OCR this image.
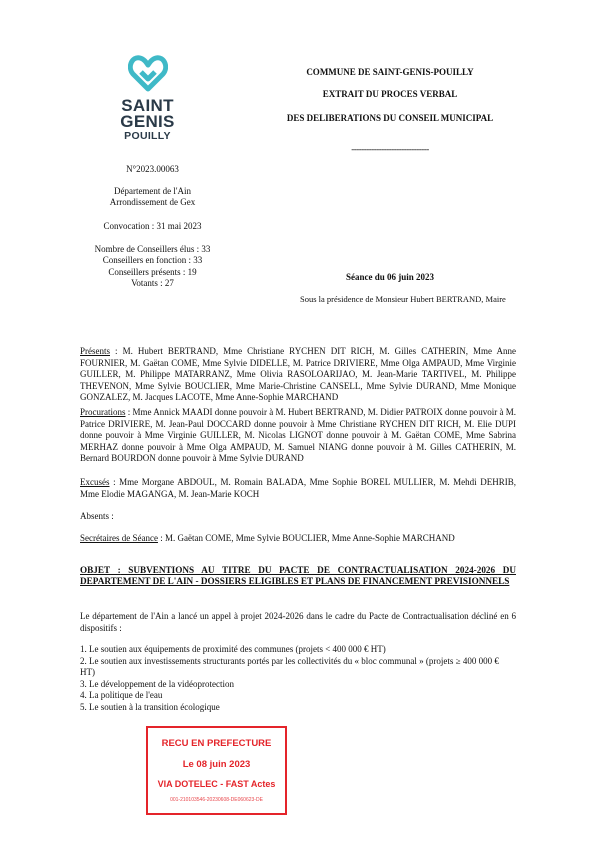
SAINT
GENIS
POUILLY
COMMUNE DE SAINT-GENIS-POUILLY
EXTRAIT DU PROCES VERBAL
DES DELIBERATIONS DU CONSEIL MUNICIPAL
-------------------------------
N°2023.00063
Département de l'Ain
Arrondissement de Gex
Convocation : 31 mai 2023
Nombre de Conseillers élus : 33
Conseillers en fonction : 33
Conseillers présents : 19
Votants : 27
Séance du 06 juin 2023
Sous la présidence de Monsieur Hubert BERTRAND, Maire
Présents : M. Hubert BERTRAND, Mme Christiane RYCHEN DIT RICH, M. Gilles CATHERIN, Mme Anne FOURNIER, M. Gaëtan COME, Mme Sylvie DIDELLE, M. Patrice DRIVIERE, Mme Olga AMPAUD, Mme Virginie GUILLER, M. Philippe MATARRANZ, Mme Olivia RASOLOARIJAO, M. Jean-Marie TARTIVEL, M. Philippe THEVENON, Mme Sylvie BOUCLIER, Mme Marie-Christine CANSELL, Mme Sylvie DURAND, Mme Monique GONZALEZ, M. Jacques LACOTE, Mme Anne-Sophie MARCHAND
Procurations : Mme Annick MAADI donne pouvoir à M. Hubert BERTRAND, M. Didier PATROIX donne pouvoir à M. Patrice DRIVIERE, M. Jean-Paul DOCCARD donne pouvoir à Mme Christiane RYCHEN DIT RICH, M. Elie DUPI donne pouvoir à Mme Virginie GUILLER, M. Nicolas LIGNOT donne pouvoir à M. Gaëtan COME, Mme Sabrina MERHAZ donne pouvoir à Mme Olga AMPAUD, M. Samuel NIANG donne pouvoir à M. Gilles CATHERIN, M. Bernard BOURDON donne pouvoir à Mme Sylvie DURAND
Excusés : Mme Morgane ABDOUL, M. Romain BALADA, Mme Sophie BOREL MULLIER, M. Mehdi DEHRIB, Mme Elodie MAGANGA, M. Jean-Marie KOCH
Absents :
Secrétaires de Séance : M. Gaëtan COME, Mme Sylvie BOUCLIER, Mme Anne-Sophie MARCHAND
OBJET : SUBVENTIONS AU TITRE DU PACTE DE CONTRACTUALISATION 2024-2026 DU DEPARTEMENT DE L'AIN - DOSSIERS ELIGIBLES ET PLANS DE FINANCEMENT PREVISIONNELS
Le département de l'Ain a lancé un appel à projet 2024-2026 dans le cadre du Pacte de Contractualisation décliné en 6 dispositifs :
1. Le soutien aux équipements de proximité des communes (projets < 400 000 € HT)
2. Le soutien aux investissements structurants portés par les collectivités du « bloc communal » (projets ≥ 400 000 € HT)
3. Le développement de la vidéoprotection
4. La politique de l'eau
5. Le soutien à la transition écologique
RECU EN PREFECTURE
Le 08 juin 2023
VIA DOTELEC - FAST Actes
001-210103546-20230608-DE060623-DE
